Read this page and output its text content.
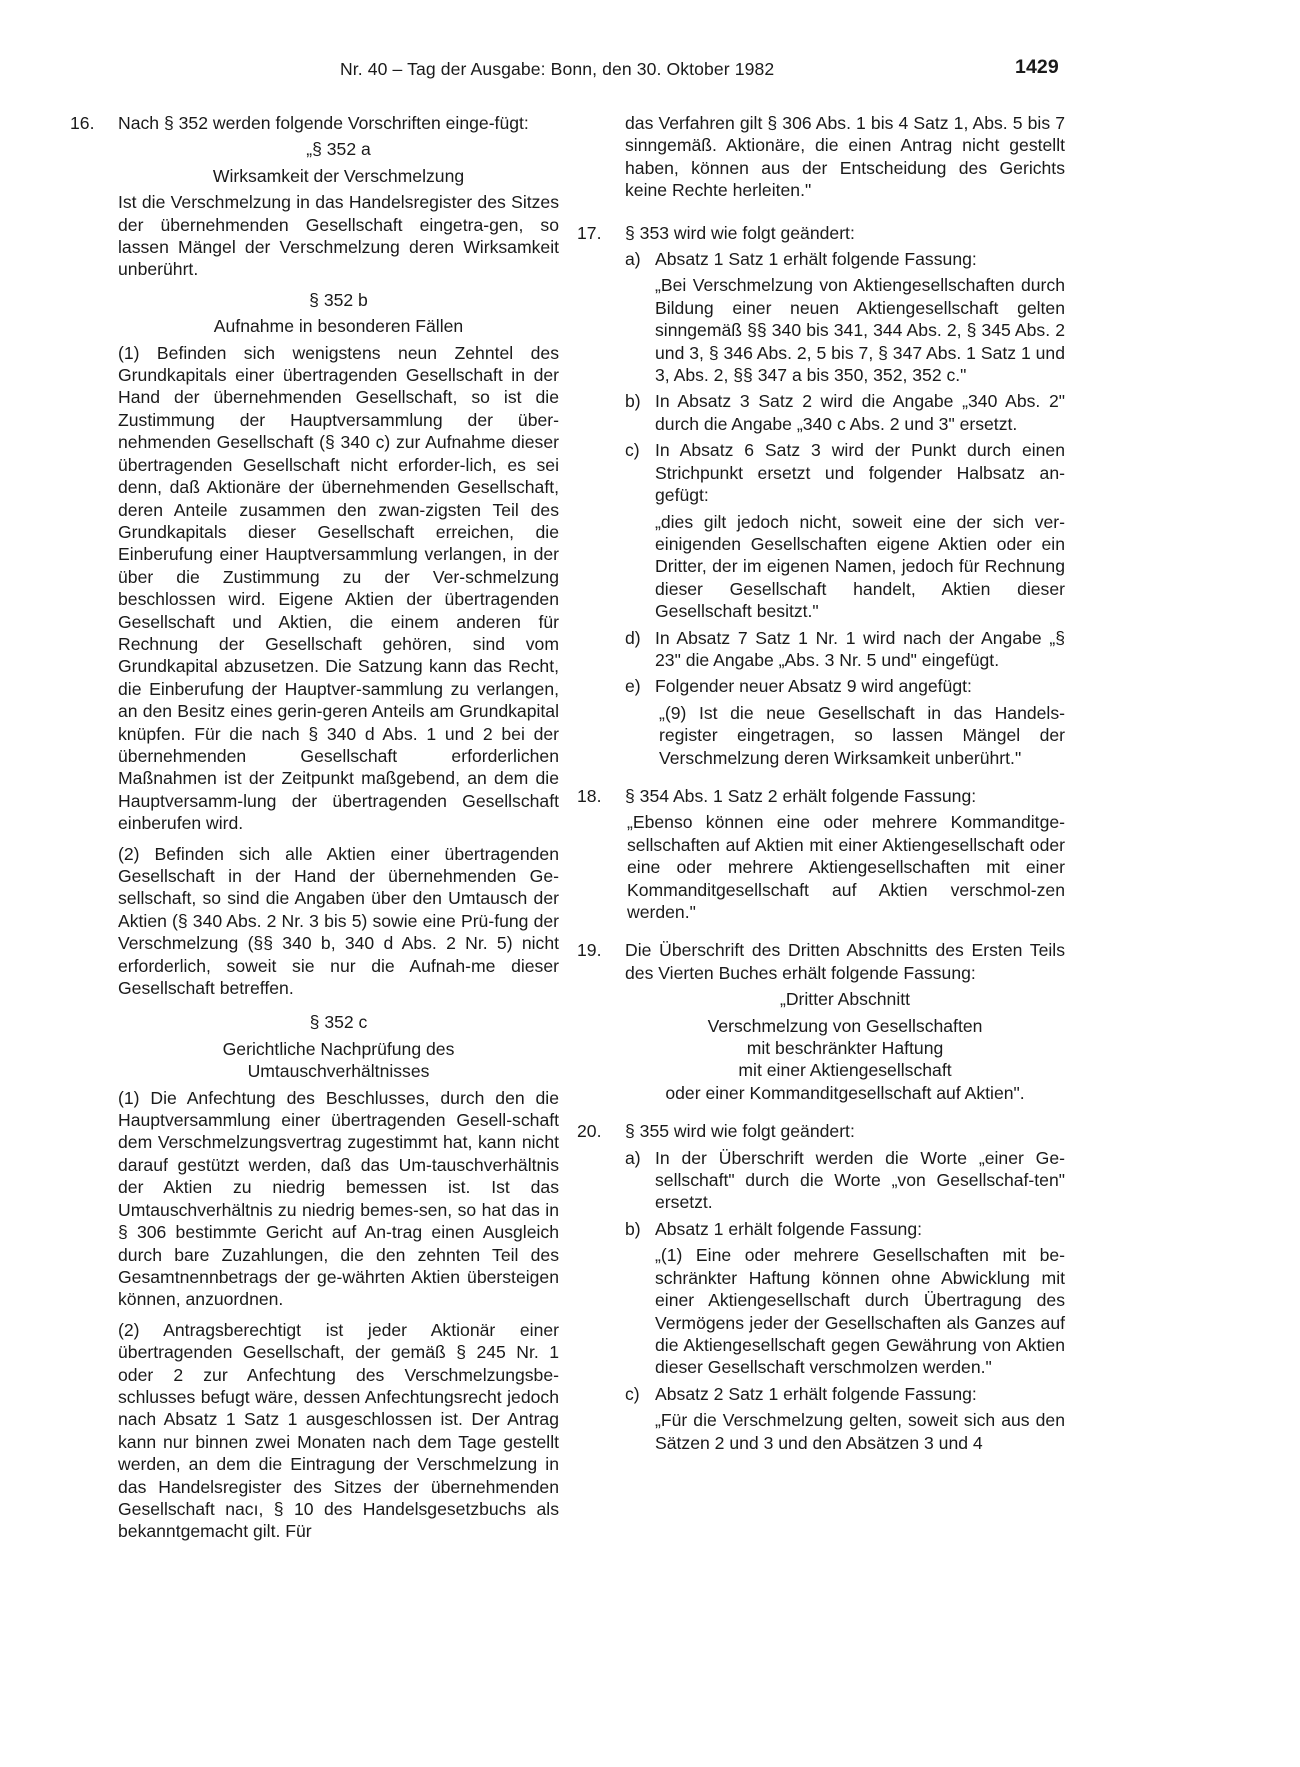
Nr. 40 – Tag der Ausgabe: Bonn, den 30. Oktober 1982	1429
16. Nach § 352 werden folgende Vorschriften einge-fügt:

„§ 352 a

Wirksamkeit der Verschmelzung

Ist die Verschmelzung in das Handelsregister des Sitzes der übernehmenden Gesellschaft eingetra-gen, so lassen Mängel der Verschmelzung deren Wirksamkeit unberührt.

§ 352 b

Aufnahme in besonderen Fällen

(1) Befinden sich wenigstens neun Zehntel des Grundkapitals einer übertragenden Gesellschaft in der Hand der übernehmenden Gesellschaft, so ist die Zustimmung der Hauptversammlung der über-nehmenden Gesellschaft (§ 340 c) zur Aufnahme dieser übertragenden Gesellschaft nicht erforder-lich, es sei denn, daß Aktionäre der übernehmenden Gesellschaft, deren Anteile zusammen den zwan-zigsten Teil des Grundkapitals dieser Gesellschaft erreichen, die Einberufung einer Hauptversammlung verlangen, in der über die Zustimmung zu der Ver-schmelzung beschlossen wird. Eigene Aktien der übertragenden Gesellschaft und Aktien, die einem anderen für Rechnung der Gesellschaft gehören, sind vom Grundkapital abzusetzen. Die Satzung kann das Recht, die Einberufung der Hauptver-sammlung zu verlangen, an den Besitz eines gerin-geren Anteils am Grundkapital knüpfen. Für die nach § 340 d Abs. 1 und 2 bei der übernehmenden Gesellschaft erforderlichen Maßnahmen ist der Zeitpunkt maßgebend, an dem die Hauptversamm-lung der übertragenden Gesellschaft einberufen wird.

(2) Befinden sich alle Aktien einer übertragenden Gesellschaft in der Hand der übernehmenden Ge-sellschaft, so sind die Angaben über den Umtausch der Aktien (§ 340 Abs. 2 Nr. 3 bis 5) sowie eine Prü-fung der Verschmelzung (§§ 340 b, 340 d Abs. 2 Nr. 5) nicht erforderlich, soweit sie nur die Aufnah-me dieser Gesellschaft betreffen.

§ 352 c

Gerichtliche Nachprüfung des

Umtauschverhältnisses

(1) Die Anfechtung des Beschlusses, durch den die Hauptversammlung einer übertragenden Gesell-schaft dem Verschmelzungsvertrag zugestimmt hat, kann nicht darauf gestützt werden, daß das Um-tauschverhältnis der Aktien zu niedrig bemessen ist. Ist das Umtauschverhältnis zu niedrig bemes-sen, so hat das in § 306 bestimmte Gericht auf An-trag einen Ausgleich durch bare Zuzahlungen, die den zehnten Teil des Gesamtnennbetrags der ge-währten Aktien übersteigen können, anzuordnen.

(2) Antragsberechtigt ist jeder Aktionär einer übertragenden Gesellschaft, der gemäß § 245 Nr. 1 oder 2 zur Anfechtung des Verschmelzungsbe-schlusses befugt wäre, dessen Anfechtungsrecht jedoch nach Absatz 1 Satz 1 ausgeschlossen ist. Der Antrag kann nur binnen zwei Monaten nach dem Tage gestellt werden, an dem die Eintragung der Verschmelzung in das Handelsregister des Sitzes der übernehmenden Gesellschaft nacı, § 10 des Handelsgesetzbuchs als bekanntgemacht gilt. Für

das Verfahren gilt § 306 Abs. 1 bis 4 Satz 1, Abs. 5 bis 7 sinngemäß. Aktionäre, die einen Antrag nicht gestellt haben, können aus der Entscheidung des Gerichts keine Rechte herleiten."

17. § 353 wird wie folgt geändert:

a) Absatz 1 Satz 1 erhält folgende Fassung:

„Bei Verschmelzung von Aktiengesellschaften durch Bildung einer neuen Aktiengesellschaft gelten sinngemäß §§ 340 bis 341, 344 Abs. 2, § 345 Abs. 2 und 3, § 346 Abs. 2, 5 bis 7, § 347 Abs. 1 Satz 1 und 3, Abs. 2, §§ 347 a bis 350, 352, 352 c."

b) In Absatz 3 Satz 2 wird die Angabe „340 Abs. 2" durch die Angabe „340 c Abs. 2 und 3" ersetzt.

c) In Absatz 6 Satz 3 wird der Punkt durch einen Strichpunkt ersetzt und folgender Halbsatz an-gefügt:

„dies gilt jedoch nicht, soweit eine der sich ver-einigenden Gesellschaften eigene Aktien oder ein Dritter, der im eigenen Namen, jedoch für Rechnung dieser Gesellschaft handelt, Aktien dieser Gesellschaft besitzt."

d) In Absatz 7 Satz 1 Nr. 1 wird nach der Angabe „§ 23" die Angabe „Abs. 3 Nr. 5 und" eingefügt.

e) Folgender neuer Absatz 9 wird angefügt:

„(9) Ist die neue Gesellschaft in das Handels-register eingetragen, so lassen Mängel der Verschmelzung deren Wirksamkeit unberührt."

18. § 354 Abs. 1 Satz 2 erhält folgende Fassung:

„Ebenso können eine oder mehrere Kommanditge-sellschaften auf Aktien mit einer Aktiengesellschaft oder eine oder mehrere Aktiengesellschaften mit einer Kommanditgesellschaft auf Aktien verschmol-zen werden."

19. Die Überschrift des Dritten Abschnitts des Ersten Teils des Vierten Buches erhält folgende Fassung:

„Dritter Abschnitt

Verschmelzung von Gesellschaften

mit beschränkter Haftung

mit einer Aktiengesellschaft

oder einer Kommanditgesellschaft auf Aktien".

20. § 355 wird wie folgt geändert:

a) In der Überschrift werden die Worte „einer Ge-sellschaft" durch die Worte „von Gesellschaf-ten" ersetzt.

b) Absatz 1 erhält folgende Fassung:

„(1) Eine oder mehrere Gesellschaften mit be-schränkter Haftung können ohne Abwicklung mit einer Aktiengesellschaft durch Übertragung des Vermögens jeder der Gesellschaften als Ganzes auf die Aktiengesellschaft gegen Gewährung von Aktien dieser Gesellschaft verschmolzen werden."

c) Absatz 2 Satz 1 erhält folgende Fassung:

„Für die Verschmelzung gelten, soweit sich aus den Sätzen 2 und 3 und den Absätzen 3 und 4
